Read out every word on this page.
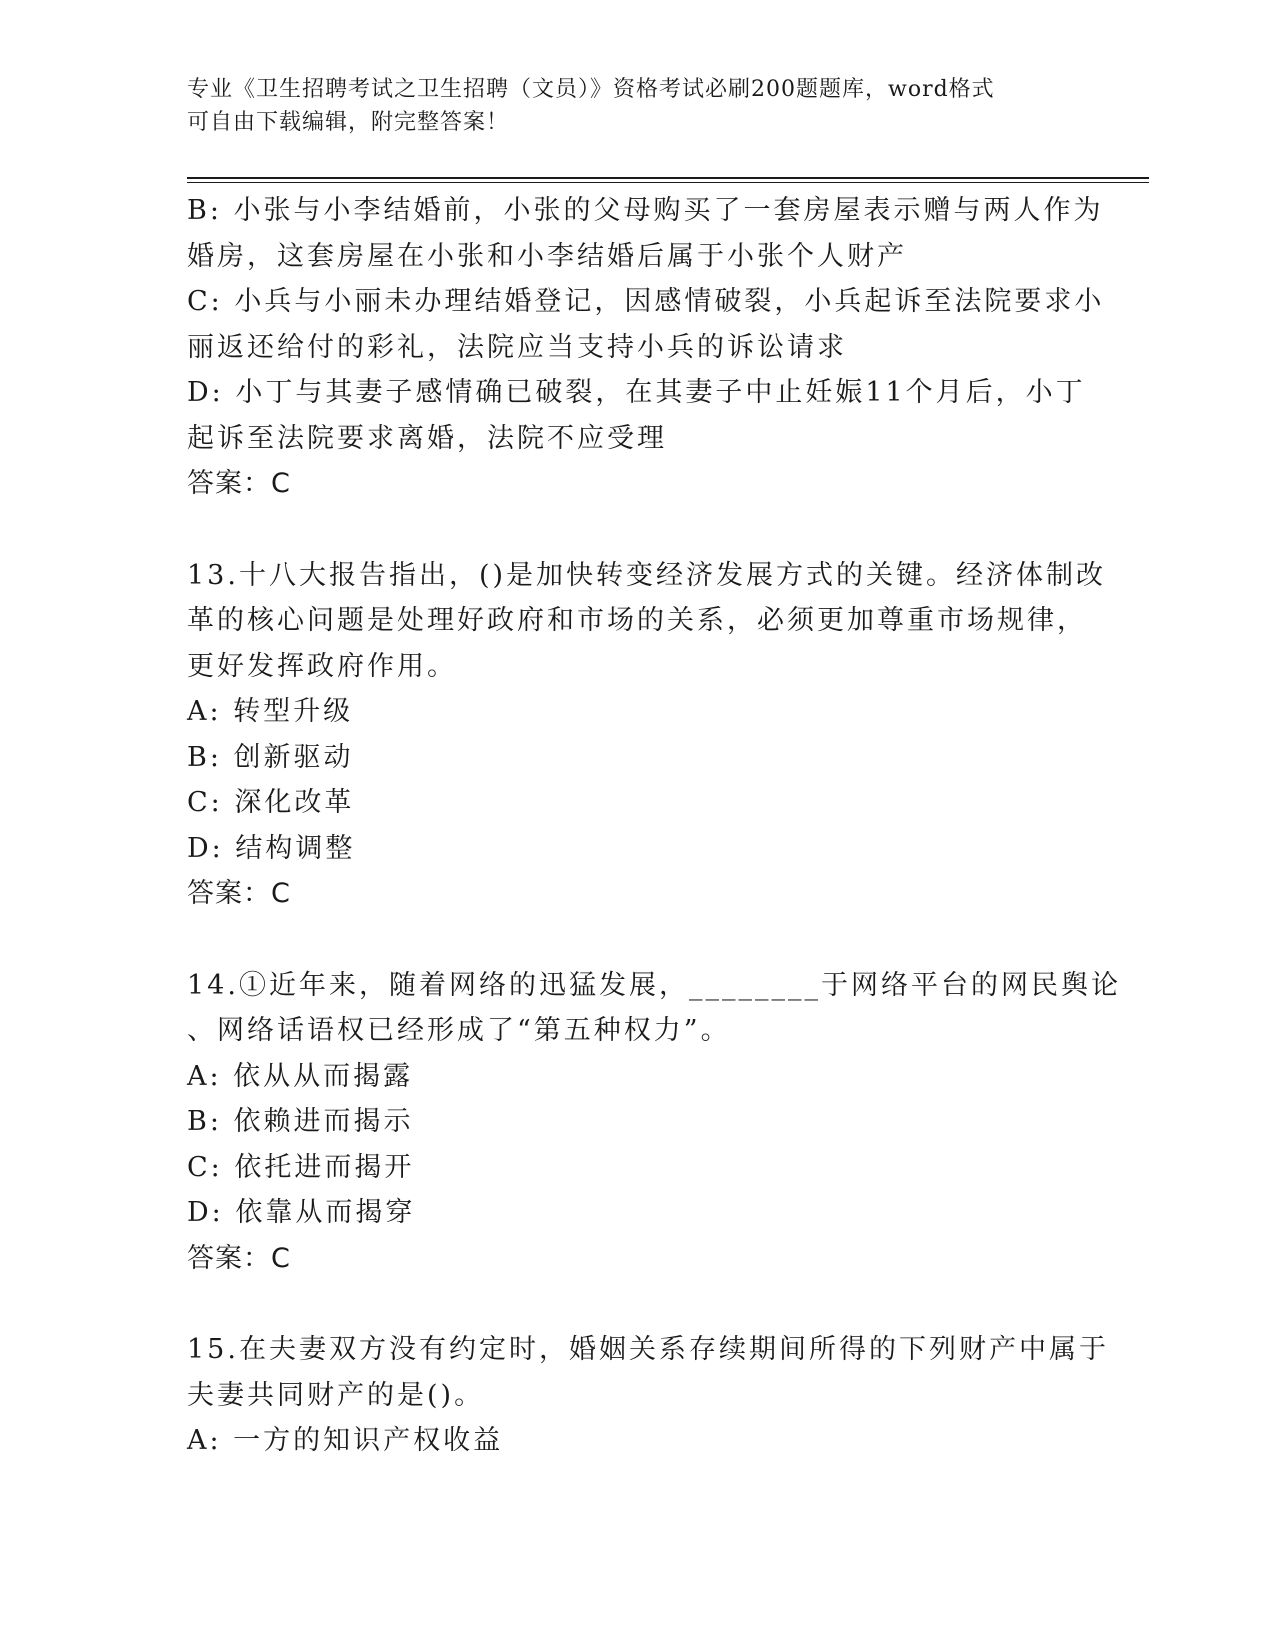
专业《卫生招聘考试之卫生招聘（文员）》资格考试必刷200题题库，word格式
可自由下载编辑，附完整答案！
B: 小张与小李结婚前，小张的父母购买了一套房屋表示赠与两人作为
婚房，这套房屋在小张和小李结婚后属于小张个人财产
C: 小兵与小丽未办理结婚登记，因感情破裂，小兵起诉至法院要求小
丽返还给付的彩礼，法院应当支持小兵的诉讼请求
D: 小丁与其妻子感情确已破裂，在其妻子中止妊娠11个月后，小丁
起诉至法院要求离婚，法院不应受理
答案：C
13.十八大报告指出，()是加快转变经济发展方式的关键。经济体制改
革的核心问题是处理好政府和市场的关系，必须更加尊重市场规律，
更好发挥政府作用。
A: 转型升级
B: 创新驱动
C: 深化改革
D: 结构调整
答案：C
14.①近年来，随着网络的迅猛发展，________于网络平台的网民舆论
、网络话语权已经形成了“第五种权力”。
A: 依从从而揭露
B: 依赖进而揭示
C: 依托进而揭开
D: 依靠从而揭穿
答案：C
15.在夫妻双方没有约定时，婚姻关系存续期间所得的下列财产中属于
夫妻共同财产的是()。
A: 一方的知识产权收益
